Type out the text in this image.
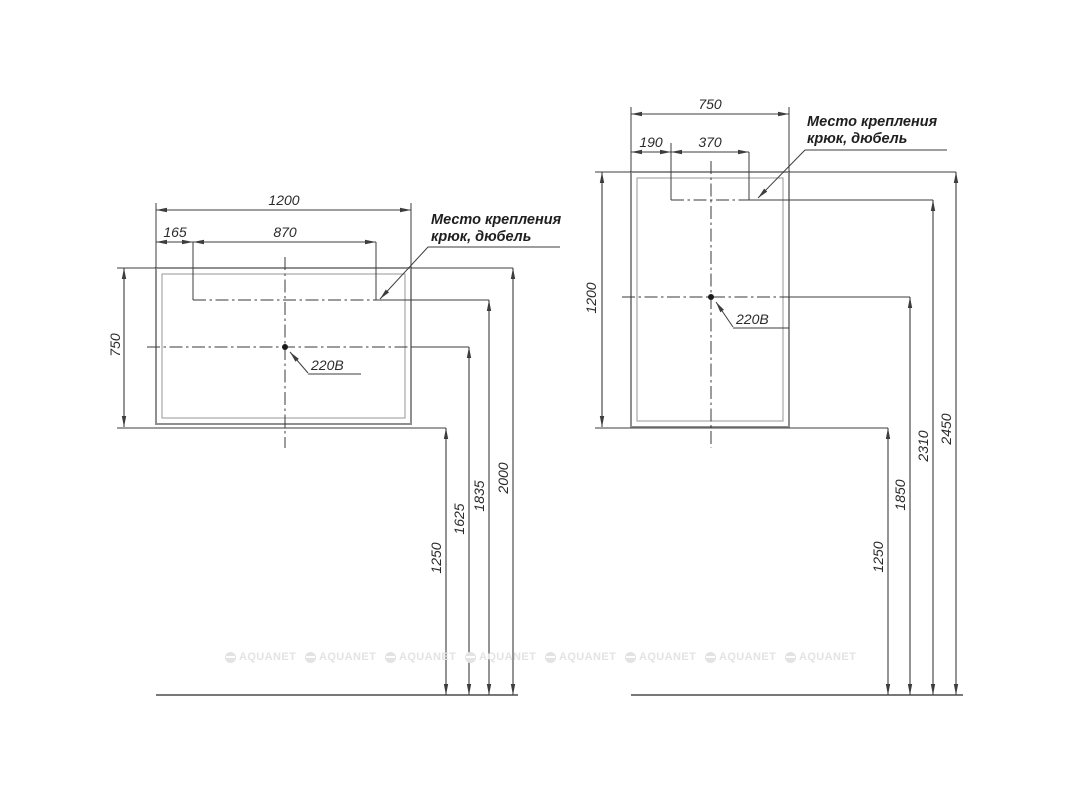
1200
165	870
750
1250
1625
1835
2000
220В
Место крепления
крюк, дюбель
750
190	370
1200
1250
1850
2310
2450
220В
Место крепления
крюк, дюбель
AQUANET AQUANET AQUANET AQUANET AQUANET AQUANET AQUANET AQUANET
